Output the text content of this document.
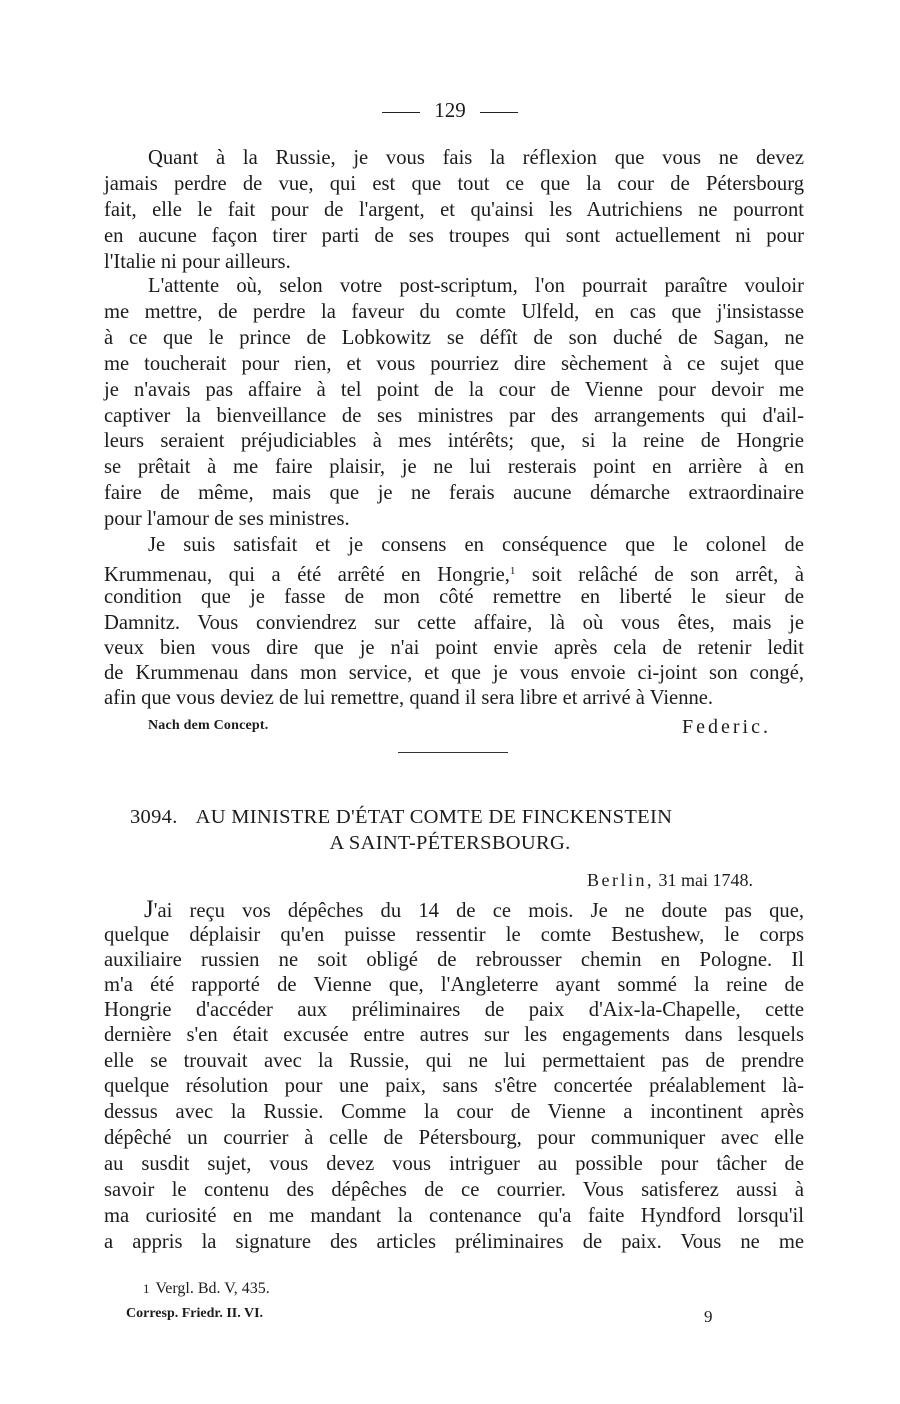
129
Quant à la Russie, je vous fais la réflexion que vous ne devez
jamais perdre de vue, qui est que tout ce que la cour de Pétersbourg
fait, elle le fait pour de l'argent, et qu'ainsi les Autrichiens ne pourront
en aucune façon tirer parti de ses troupes qui sont actuellement ni pour
l'Italie ni pour ailleurs.
L'attente où, selon votre post-scriptum, l'on pourrait paraître vouloir
me mettre, de perdre la faveur du comte Ulfeld, en cas que j'insistasse
à ce que le prince de Lobkowitz se défît de son duché de Sagan, ne
me toucherait pour rien, et vous pourriez dire sèchement à ce sujet que
je n'avais pas affaire à tel point de la cour de Vienne pour devoir me
captiver la bienveillance de ses ministres par des arrangements qui d'ail-
leurs seraient préjudiciables à mes intérêts; que, si la reine de Hongrie
se prêtait à me faire plaisir, je ne lui resterais point en arrière à en
faire de même, mais que je ne ferais aucune démarche extraordinaire
pour l'amour de ses ministres.
Je suis satisfait et je consens en conséquence que le colonel de
Krummenau, qui a été arrêté en Hongrie,$^1$ soit relâché de son arrêt, à
condition que je fasse de mon côté remettre en liberté le sieur de
Damnitz. Vous conviendrez sur cette affaire, là où vous êtes, mais je
veux bien vous dire que je n'ai point envie après cela de retenir ledit
de Krummenau dans mon service, et que je vous envoie ci-joint son congé,
afin que vous deviez de lui remettre, quand il sera libre et arrivé à Vienne.
Nach dem Concept.	Federic.
3094. AU MINISTRE D'ÉTAT COMTE DE FINCKENSTEIN
A SAINT-PÉTERSBOURG.
Berlin, 31 mai 1748.
J'ai reçu vos dépêches du 14 de ce mois. Je ne doute pas que,
quelque déplaisir qu'en puisse ressentir le comte Bestushew, le corps
auxiliaire russien ne soit obligé de rebrousser chemin en Pologne. Il
m'a été rapporté de Vienne que, l'Angleterre ayant sommé la reine de
Hongrie d'accéder aux préliminaires de paix d'Aix-la-Chapelle, cette
dernière s'en était excusée entre autres sur les engagements dans lesquels
elle se trouvait avec la Russie, qui ne lui permettaient pas de prendre
quelque résolution pour une paix, sans s'être concertée préalablement là-
dessus avec la Russie. Comme la cour de Vienne a incontinent après
dépêché un courrier à celle de Pétersbourg, pour communiquer avec elle
au susdit sujet, vous devez vous intriguer au possible pour tâcher de
savoir le contenu des dépêches de ce courrier. Vous satisferez aussi à
ma curiosité en me mandant la contenance qu'a faite Hyndford lorsqu'il
a appris la signature des articles préliminaires de paix. Vous ne me
1 Vergl. Bd. V, 435.
Corresp. Friedr. II. VI.	9
